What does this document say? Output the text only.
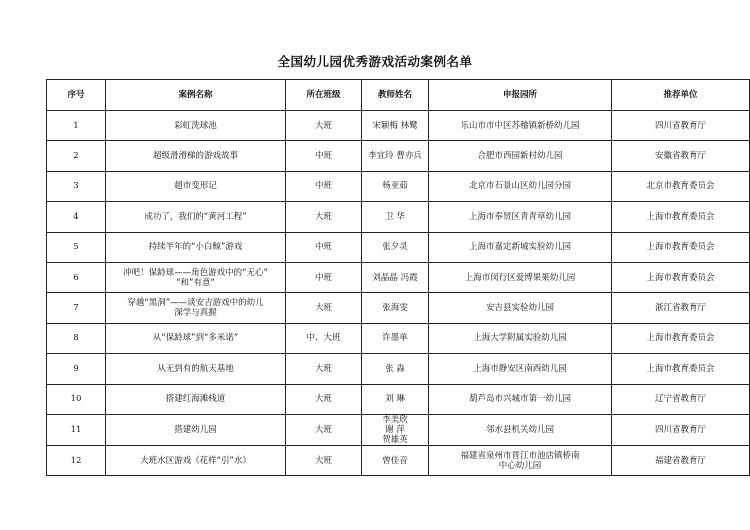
全国幼儿园优秀游戏活动案例名单
序号	案例名称	所在班级	教师姓名	申报园所	推荐单位
1	彩虹洗球池	大班	宋颖梅 林鹭	乐山市市中区苏稽镇新桥幼儿园	四川省教育厅
2	超级滑滑梯的游戏故事	中班	李宜玲 曹亦兵	合肥市西园新村幼儿园	安徽省教育厅
3	超市变形记	中班	杨亚茹	北京市石景山区幼儿园分园	北京市教育委员会
4	成功了，我们的“黄河工程”	大班	卫 华	上海市奉贤区青青草幼儿园	上海市教育委员会
5	持续半年的“小白鲸”游戏	中班	张夕灵	上海市嘉定新城实验幼儿园	上海市教育委员会
6	冲吧！保龄球——角色游戏中的“无心”
“和”有意“	中班	刘晶晶 冯霞	上海市闵行区爱博果果幼儿园	上海市教育委员会
7	穿越“黑洞”——谈安吉游戏中的幼儿
深学与真握	大班	张海雯	安吉县实验幼儿园	浙江省教育厅
8	从“保龄球”到“多米诺”	中、大班	许墨单	上海大学附属实验幼儿园	上海市教育委员会
9	从无到有的航天基地	大班	张 淼	上海市静安区南西幼儿园	上海市教育委员会
10	搭建红海滩栈道	大班	刘 琳	葫芦岛市兴城市第一幼儿园	辽宁省教育厅
11	搭建幼儿园	大班	李美欣
谢 萍
贺雄英	邻水县机关幼儿园	四川省教育厅
12	大班水区游戏《花样“引”水》	大班	曾佳音	福建省泉州市晋江市池店镇桥南
中心幼儿园	福建省教育厅
